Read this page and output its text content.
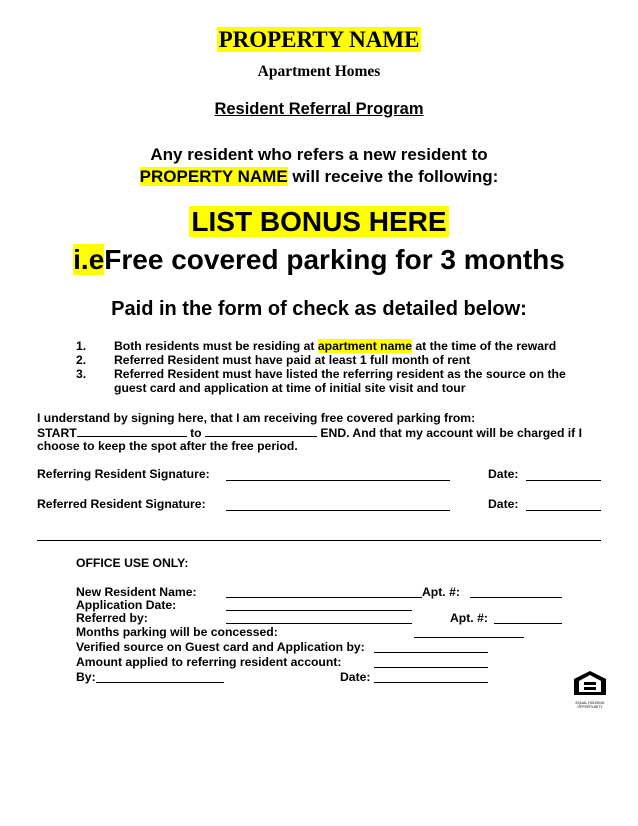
PROPERTY NAME
Apartment Homes
Resident Referral Program
Any resident who refers a new resident to
PROPERTY NAME will receive the following:
LIST BONUS HERE
i.eFree covered parking for 3 months
Paid in the form of check as detailed below:
1. Both residents must be residing at apartment name at the time of the reward
2. Referred Resident must have paid at least 1 full month of rent
3. Referred Resident must have listed the referring resident as the source on the
guest card and application at time of initial site visit and tour
I understand by signing here, that I am receiving free covered parking from:
START	to	END. And that my account will be charged if I
choose to keep the spot after the free period.
Referring Resident Signature:	Date:
Referred Resident Signature:	Date:
OFFICE USE ONLY:
New Resident Name:	Apt. #:
Application Date:
Referred by:	Apt. #:
Months parking will be concessed:
Verified source on Guest card and Application by:
Amount applied to referring resident account:
By:	Date:
EQUAL HOUSING
OPPORTUNITY
